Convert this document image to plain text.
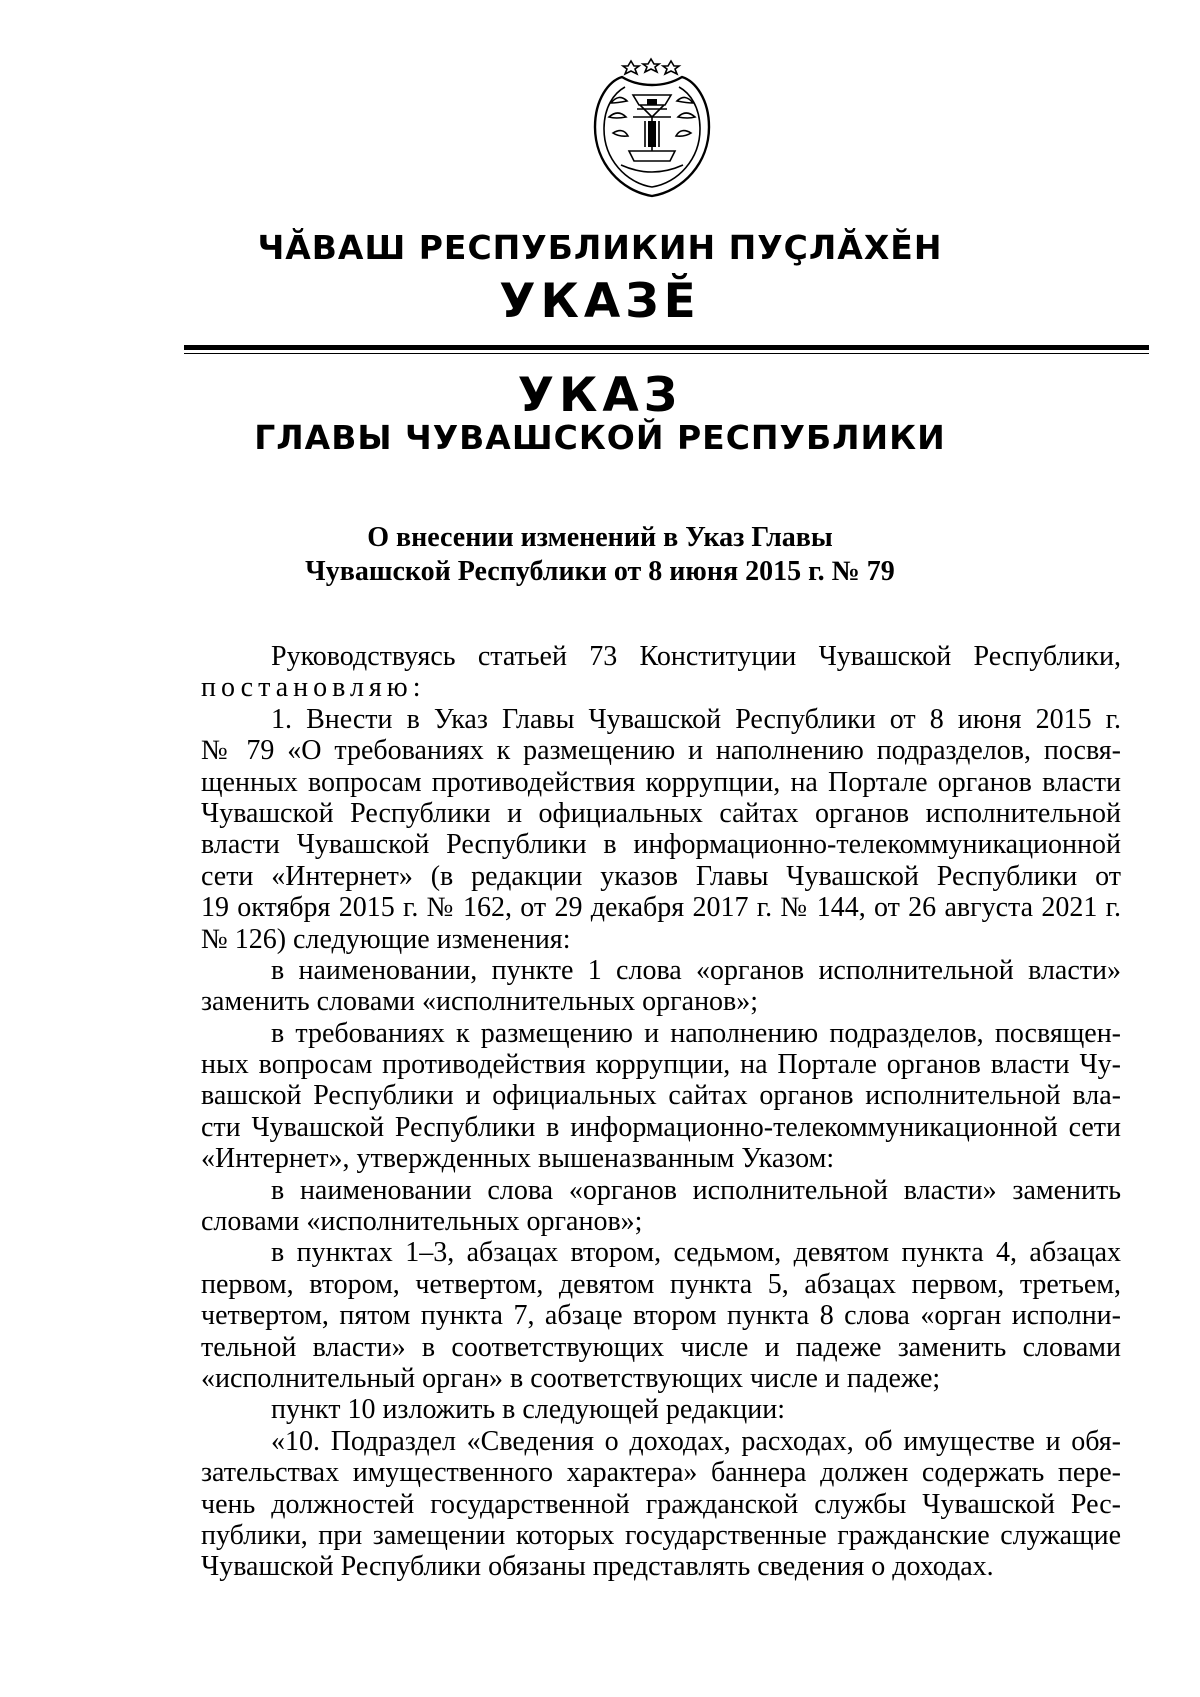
ЧĂВАШ РЕСПУБЛИКИН ПУÇЛĂХĔН
УКАЗĔ
УКАЗ
ГЛАВЫ ЧУВАШСКОЙ РЕСПУБЛИКИ
О внесении изменений в Указ Главы
Чувашской Республики от 8 июня 2015 г. № 79
Руководствуясь статьей 73 Конституции Чувашской Республики,
постановляю:
1. Внести в Указ Главы Чувашской Республики от 8 июня 2015 г.
№ 79 «О требованиях к размещению и наполнению подразделов, посвя-
щенных вопросам противодействия коррупции, на Портале органов власти
Чувашской Республики и официальных сайтах органов исполнительной
власти Чувашской Республики в информационно-телекоммуникационной
сети «Интернет» (в редакции указов Главы Чувашской Республики от
19 октября 2015 г. № 162, от 29 декабря 2017 г. № 144, от 26 августа 2021 г.
№ 126) следующие изменения:
в наименовании, пункте 1 слова «органов исполнительной власти»
заменить словами «исполнительных органов»;
в требованиях к размещению и наполнению подразделов, посвящен-
ных вопросам противодействия коррупции, на Портале органов власти Чу-
вашской Республики и официальных сайтах органов исполнительной вла-
сти Чувашской Республики в информационно-телекоммуникационной сети
«Интернет», утвержденных вышеназванным Указом:
в наименовании слова «органов исполнительной власти» заменить
словами «исполнительных органов»;
в пунктах 1–3, абзацах втором, седьмом, девятом пункта 4, абзацах
первом, втором, четвертом, девятом пункта 5, абзацах первом, третьем,
четвертом, пятом пункта 7, абзаце втором пункта 8 слова «орган исполни-
тельной власти» в соответствующих числе и падеже заменить словами
«исполнительный орган» в соответствующих числе и падеже;
пункт 10 изложить в следующей редакции:
«10. Подраздел «Сведения о доходах, расходах, об имуществе и обя-
зательствах имущественного характера» баннера должен содержать пере-
чень должностей государственной гражданской службы Чувашской Рес-
публики, при замещении которых государственные гражданские служащие
Чувашской Республики обязаны представлять сведения о доходах.
